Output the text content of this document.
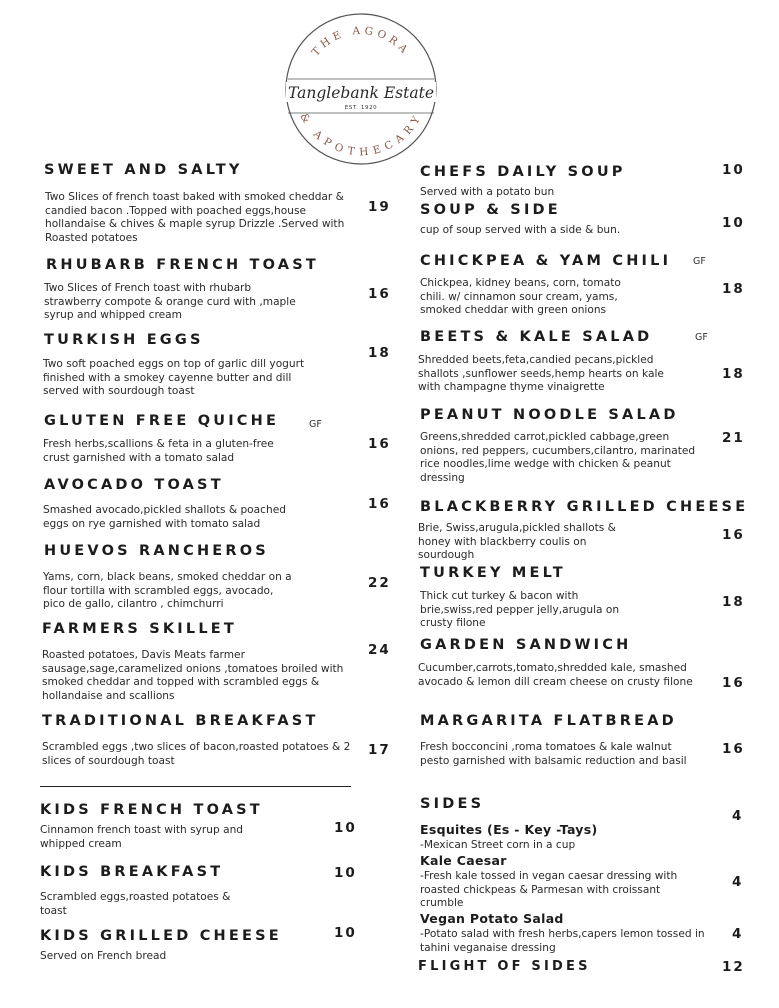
THE AGORA
& APOTHECARY
Tanglebank Estate
EST. 1920
SWEET AND SALTY
Two Slices of french toast baked with smoked cheddar & candied bacon .Topped with poached eggs,house hollandaise & chives & maple syrup Drizzle .Served with Roasted potatoes
19
RHUBARB FRENCH TOAST
Two Slices of French toast with rhubarb strawberry compote & orange curd with ,maple syrup and whipped cream
16
TURKISH EGGS
Two soft poached eggs on top of garlic dill yogurt finished with a smokey cayenne butter and dill served with sourdough toast
18
GLUTEN FREE QUICHE	GF
Fresh herbs,scallions & feta in a gluten-free crust garnished with a tomato salad
16
AVOCADO TOAST
Smashed avocado,pickled shallots & poached eggs on rye garnished with tomato salad
16
HUEVOS RANCHEROS
Yams, corn, black beans, smoked cheddar on a flour tortilla with scrambled eggs, avocado, pico de gallo, cilantro , chimchurri
22
FARMERS SKILLET
Roasted potatoes, Davis Meats farmer sausage,sage,caramelized onions ,tomatoes broiled with smoked cheddar and topped with scrambled eggs & hollandaise and scallions
24
TRADITIONAL BREAKFAST
Scrambled eggs ,two slices of bacon,roasted potatoes & 2 slices of sourdough toast
17
KIDS FRENCH TOAST
Cinnamon french toast with syrup and whipped cream
10
KIDS BREAKFAST
Scrambled eggs,roasted potatoes & toast
10
KIDS GRILLED CHEESE
Served on French bread
10
CHEFS DAILY SOUP
Served with a potato bun
10
SOUP & SIDE
cup of soup served with a side & bun.	10
CHICKPEA & YAM CHILI GF
Chickpea, kidney beans, corn, tomato chili. w/ cinnamon sour cream, yams, smoked cheddar with green onions
18
BEETS & KALE SALAD	GF
Shredded beets,feta,candied pecans,pickled shallots ,sunflower seeds,hemp hearts on kale with champagne thyme vinaigrette
18
PEANUT NOODLE SALAD
Greens,shredded carrot,pickled cabbage,green onions, red peppers, cucumbers,cilantro, marinated rice noodles,lime wedge with chicken & peanut dressing
21
BLACKBERRY GRILLED CHEESE
Brie, Swiss,arugula,pickled shallots & honey with blackberry coulis on sourdough
16
TURKEY MELT
Thick cut turkey & bacon with brie,swiss,red pepper jelly,arugula on crusty filone
18
GARDEN SANDWICH
Cucumber,carrots,tomato,shredded kale, smashed avocado & lemon dill cream cheese on crusty filone 16
MARGARITA FLATBREAD
Fresh bocconcini ,roma tomatoes & kale walnut pesto garnished with balsamic reduction and basil
16
SIDES
Esquites (Es - Key -Tays)
-Mexican Street corn in a cup
4
Kale Caesar
-Fresh kale tossed in vegan caesar dressing with roasted chickpeas & Parmesan with croissant crumble
4
Vegan Potato Salad
-Potato salad with fresh herbs,capers lemon tossed in tahini veganaise dressing
4
FLIGHT OF SIDES	12
